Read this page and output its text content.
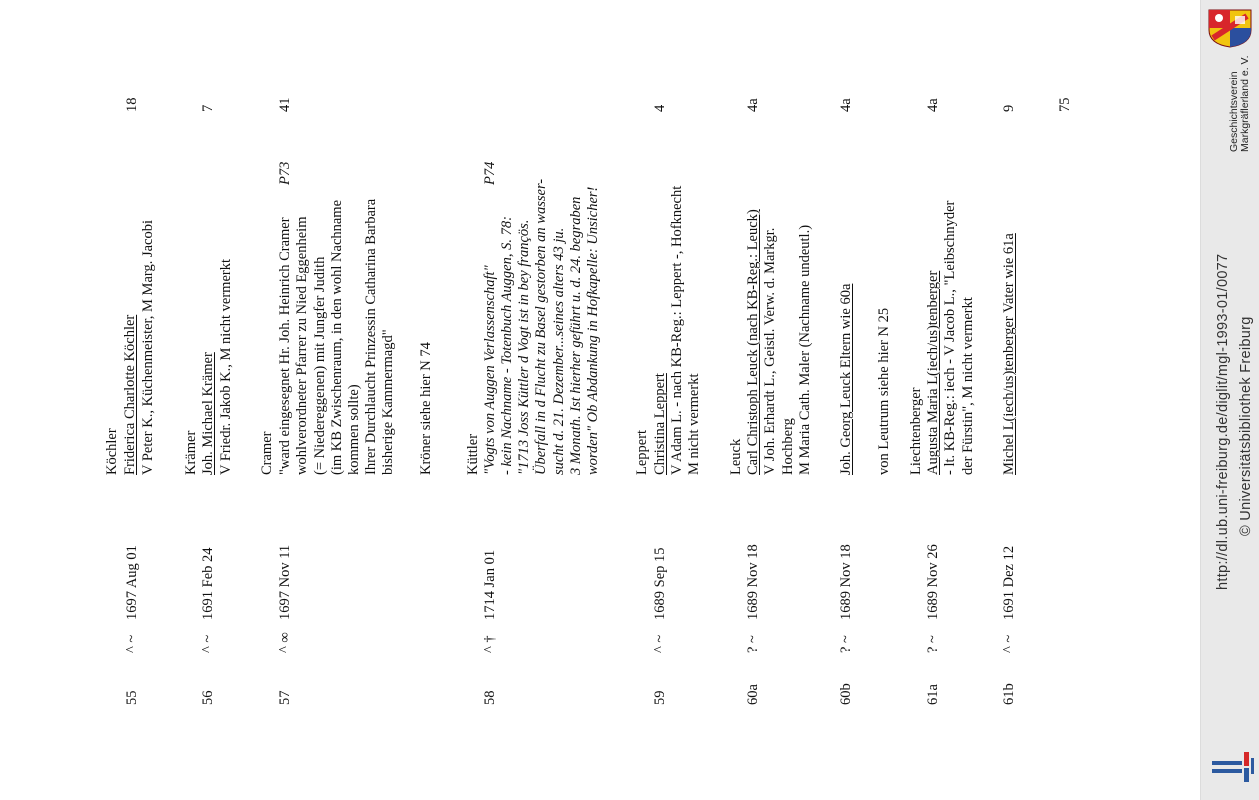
Geschichtsverein Markgräflerland e. V.
http://dl.ub.uni-freiburg.de/diglit/mgl-1993-01/0077 © Universitätsbibliothek Freiburg
55
^ ~
1697 Aug 01
Köchler Friderica Charlotte Köchler V Peter K., Küchenmeister, M Marg. Jacobi
18
56
^ ~
1691 Feb 24
Krämer Joh. Michael Krämer V Friedr. Jakob K., M nicht vermerkt
7
57
^ ∞
1697 Nov 11
Cramer "ward eingesegnet Hr. Joh. Heinrich Cramer wohlverordneter Pfarrer zu Nied Eggenheim (= Niedereggenen) mit Jungfer Judith (im KB Zwischenraum, in den wohl Nachname kommen sollte) Ihrer Durchlaucht Prinzessin Catharina Barbara bisherige Kammermagd" Kröner siehe hier N 74
P73
41
58
^ †
1714 Jan 01
Küttler "Vogts von Auggen Verlassenschaft" - kein Nachname - Totenbuch Auggen, S. 78: "1713 Joss Küttler d Vogt ist in bey françös. Überfall in d Flucht zu Basel gestorben an wasser- sucht d. 21. Dezember...seines alters 43 ju. 3 Monath. Ist hierher geführt u. d. 24. begraben worden" Ob Abdankung in Hofkapelle: Unsicher!
P74
59
^ ~
1689 Sep 15
Leppert Christina Leppert V Adam L. - nach KB-Reg.: Leppert -, Hofknecht M nicht vermerkt
4
60a
? ~
1689 Nov 18
Leuck Carl Christoph Leuck (nach KB-Reg.: Leuck) V Joh. Erhardt L., Geistl. Verw. d. Markgr. Hochberg M Maria Cath. Maler (Nachname undeutl.)
4a
60b
? ~
1689 Nov 18
Joh. Georg Leuck Eltern wie 60a von Leutrum siehe hier N 25
4a
61a
? ~
1689 Nov 26
Liechtenberger Augusta Maria L(iech/us)tenberger - lt. KB-Reg.: iech - V Jacob L., "Leibschnyder der Fürstin", M nicht vermerkt
4a
61b
^ ~
1691 Dez 12
Michel L(iech/us)tenberger Vater wie 61a
9	75
